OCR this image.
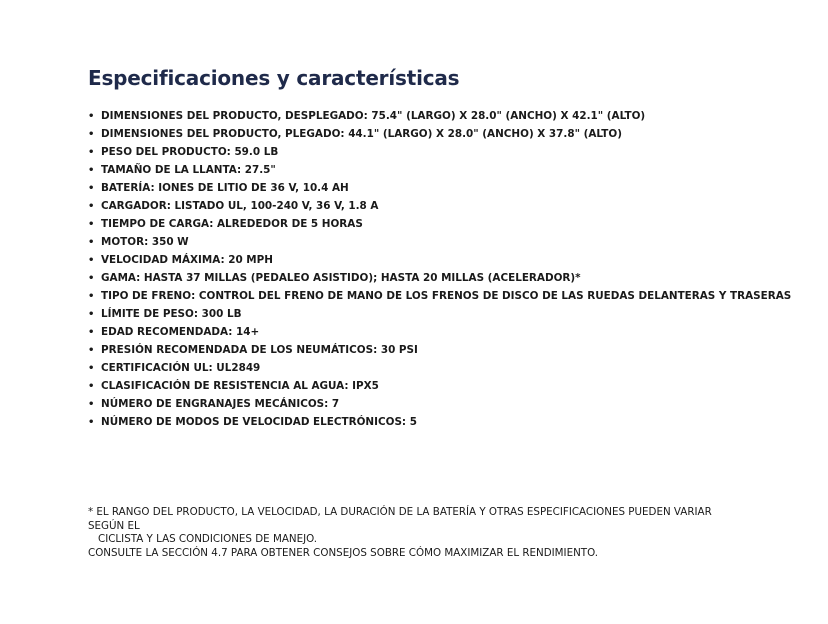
Especificaciones y características
• DIMENSIONES DEL PRODUCTO, DESPLEGADO: 75.4" (LARGO) X 28.0" (ANCHO) X 42.1" (ALTO)
• DIMENSIONES DEL PRODUCTO, PLEGADO: 44.1" (LARGO) X 28.0" (ANCHO) X 37.8" (ALTO)
• PESO DEL PRODUCTO: 59.0 LB
• TAMAÑO DE LA LLANTA: 27.5"
• BATERÍA: IONES DE LITIO DE 36 V, 10.4 AH
• CARGADOR: LISTADO UL, 100-240 V, 36 V, 1.8 A
• TIEMPO DE CARGA: ALREDEDOR DE 5 HORAS
• MOTOR: 350 W
• VELOCIDAD MÁXIMA: 20 MPH
• GAMA: HASTA 37 MILLAS (PEDALEO ASISTIDO); HASTA 20 MILLAS (ACELERADOR)*
• TIPO DE FRENO: CONTROL DEL FRENO DE MANO DE LOS FRENOS DE DISCO DE LAS RUEDAS DELANTERAS Y TRASERAS
• LÍMITE DE PESO: 300 LB
• EDAD RECOMENDADA: 14+
• PRESIÓN RECOMENDADA DE LOS NEUMÁTICOS: 30 PSI
• CERTIFICACIÓN UL: UL2849
• CLASIFICACIÓN DE RESISTENCIA AL AGUA: IPX5
• NÚMERO DE ENGRANAJES MECÁNICOS: 7
• NÚMERO DE MODOS DE VELOCIDAD ELECTRÓNICOS: 5

* EL RANGO DEL PRODUCTO, LA VELOCIDAD, LA DURACIÓN DE LA BATERÍA Y OTRAS ESPECIFICACIONES PUEDEN VARIAR SEGÚN EL

CICLISTA Y LAS CONDICIONES DE MANEJO.

CONSULTE LA SECCIÓN 4.7 PARA OBTENER CONSEJOS SOBRE CÓMO MAXIMIZAR EL RENDIMIENTO.
